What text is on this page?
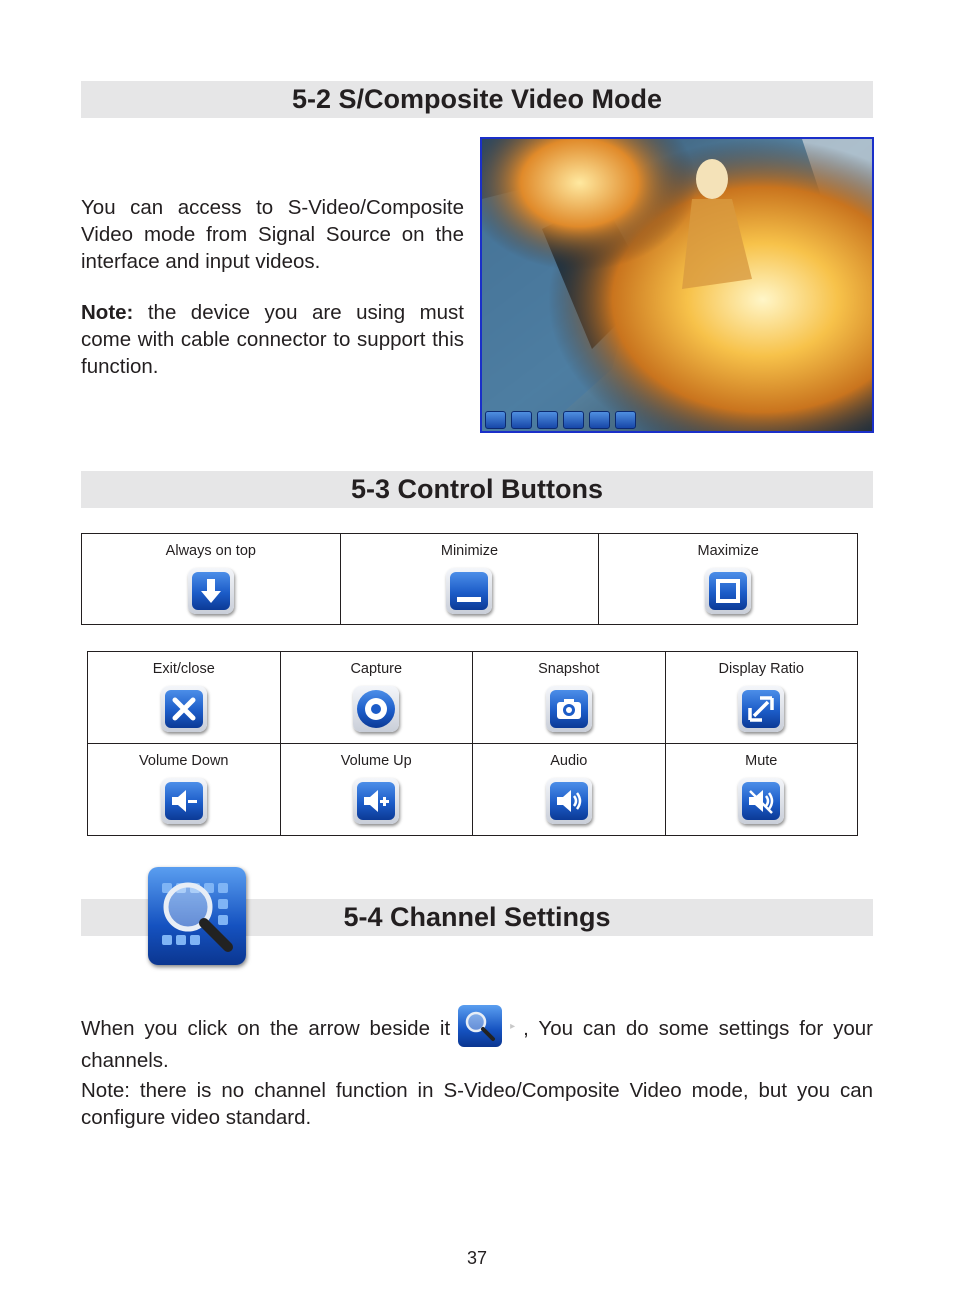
5-2 S/Composite Video Mode

You can access to S-Video/Composite Video mode from Signal Source on the interface and input videos.

Note: the device you are using must come with cable connector to support this function.

5-3 Control Buttons
Always on top	Minimize	Maximize
Exit/close	Capture	Snapshot	Display Ratio

Volume Down	Volume Up	Audio	Mute
5-4 Channel Settings

When you click on the arrow beside it	▸ , You can do some settings for your channels.

Note: there is no channel function in S-Video/Composite Video mode, but you can configure video standard.

37
